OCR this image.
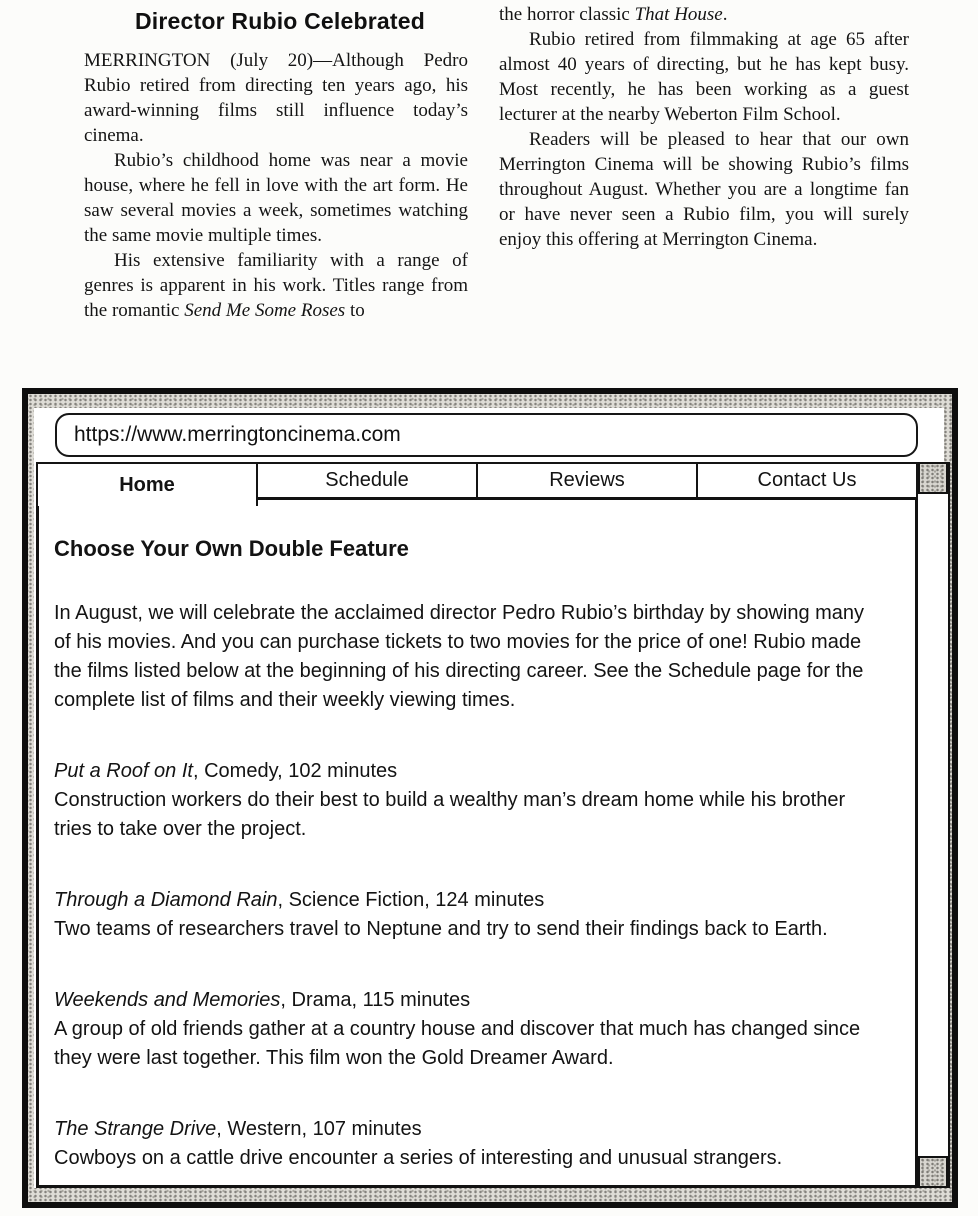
Director Rubio Celebrated

MERRINGTON (July 20)—Although Pedro Rubio retired from directing ten years ago, his award-winning films still influence today’s cinema.

Rubio’s childhood home was near a movie house, where he fell in love with the art form. He saw several movies a week, sometimes watching the same movie multiple times.

His extensive familiarity with a range of genres is apparent in his work. Titles range from the romantic Send Me Some Roses to

the horror classic That House.

Rubio retired from filmmaking at age 65 after almost 40 years of directing, but he has kept busy. Most recently, he has been working as a guest lecturer at the nearby Weberton Film School.

Readers will be pleased to hear that our own Merrington Cinema will be showing Rubio’s films throughout August. Whether you are a longtime fan or have never seen a Rubio film, you will surely enjoy this offering at Merrington Cinema.

https://www.merringtoncinema.com
Home	Schedule	Reviews	Contact Us
Choose Your Own Double Feature

In August, we will celebrate the acclaimed director Pedro Rubio’s birthday by showing many of his movies. And you can purchase tickets to two movies for the price of one! Rubio made the films listed below at the beginning of his directing career. See the Schedule page for the complete list of films and their weekly viewing times.

Put a Roof on It, Comedy, 102 minutes

Construction workers do their best to build a wealthy man’s dream home while his brother tries to take over the project.

Through a Diamond Rain, Science Fiction, 124 minutes

Two teams of researchers travel to Neptune and try to send their findings back to Earth.

Weekends and Memories, Drama, 115 minutes

A group of old friends gather at a country house and discover that much has changed since they were last together. This film won the Gold Dreamer Award.

The Strange Drive, Western, 107 minutes

Cowboys on a cattle drive encounter a series of interesting and unusual strangers.
